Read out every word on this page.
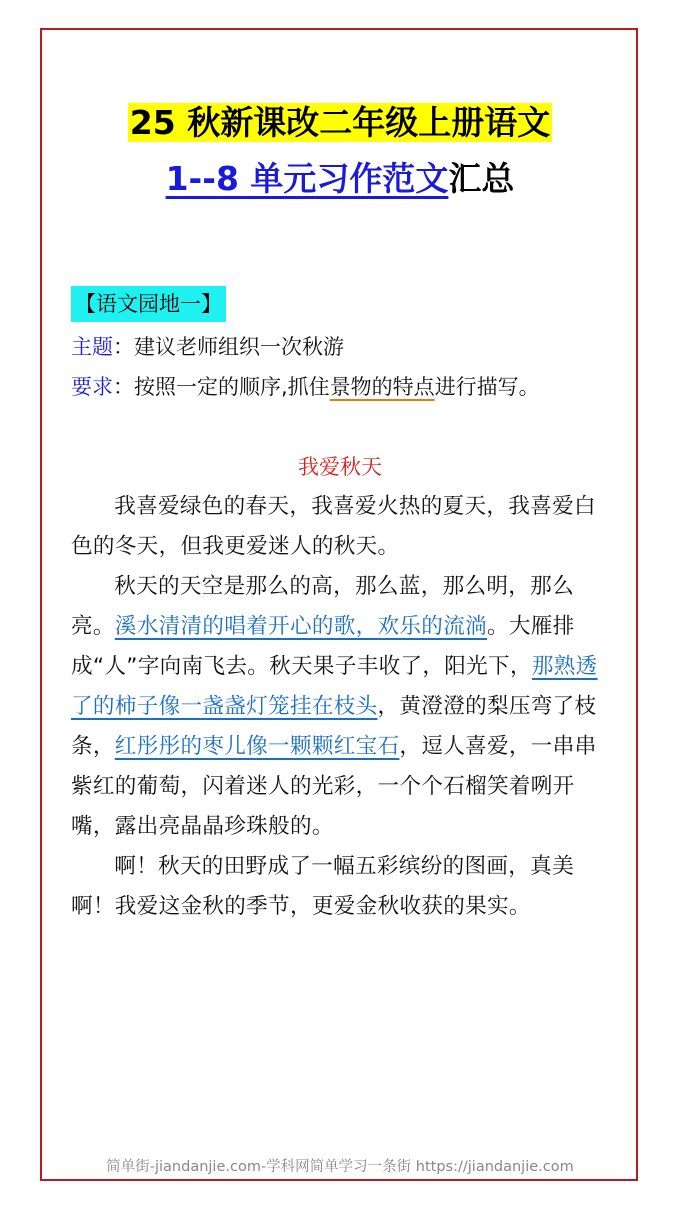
25 秋新课改二年级上册语文
1--8 单元习作范文汇总
【语文园地一】
主题：建议老师组织一次秋游
要求：按照一定的顺序,抓住景物的特点进行描写。
我爱秋天

我喜爱绿色的春天，我喜爱火热的夏天，我喜爱白色的冬天，但我更爱迷人的秋天。

秋天的天空是那么的高，那么蓝，那么明，那么亮。溪水清清的唱着开心的歌，欢乐的流淌。大雁排成“人”字向南飞去。秋天果子丰收了，阳光下，那熟透了的柿子像一盏盏灯笼挂在枝头，黄澄澄的梨压弯了枝条，红彤彤的枣儿像一颗颗红宝石，逗人喜爱，一串串紫红的葡萄，闪着迷人的光彩，一个个石榴笑着咧开嘴，露出亮晶晶珍珠般的。

啊！秋天的田野成了一幅五彩缤纷的图画，真美啊！我爱这金秋的季节，更爱金秋收获的果实。

简单街-jiandanjie.com-学科网简单学习一条街 https://jiandanjie.com
